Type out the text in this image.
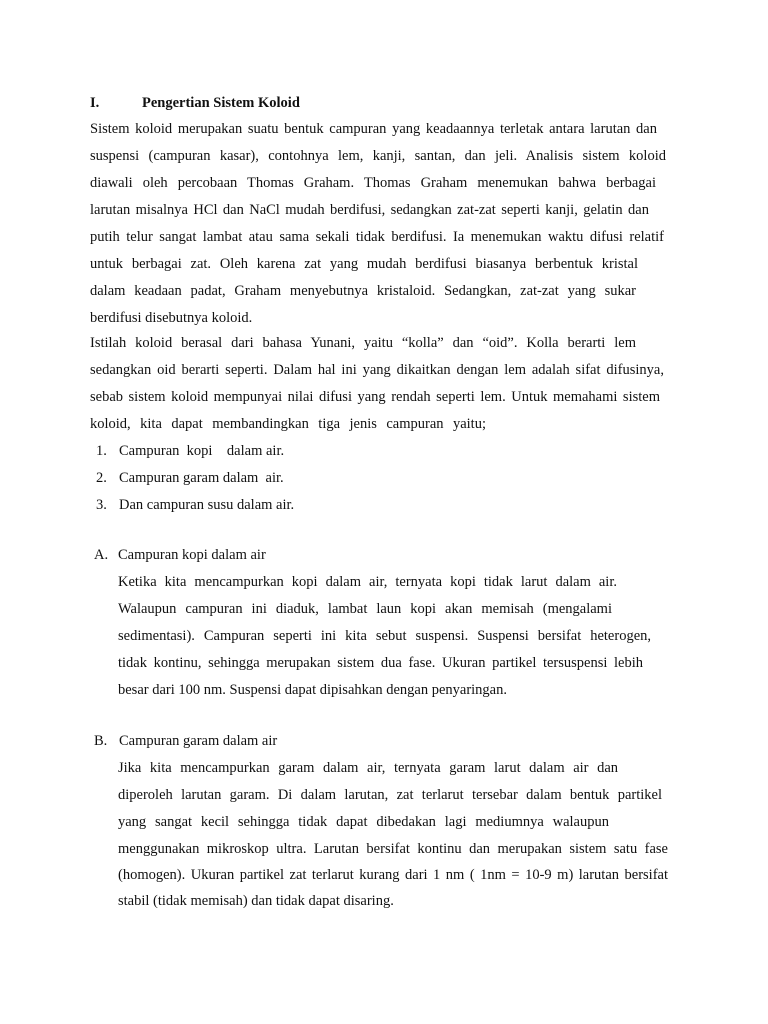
I.	Pengertian Sistem Koloid
Sistem koloid merupakan suatu bentuk campuran yang keadaannya terletak antara larutan dan
suspensi (campuran kasar), contohnya lem, kanji, santan, dan jeli. Analisis sistem koloid
diawali oleh percobaan Thomas Graham. Thomas Graham menemukan bahwa berbagai
larutan misalnya HCl dan NaCl mudah berdifusi, sedangkan zat-zat seperti kanji, gelatin dan
putih telur sangat lambat atau sama sekali tidak berdifusi. Ia menemukan waktu difusi relatif
untuk berbagai zat. Oleh karena zat yang mudah berdifusi biasanya berbentuk kristal
dalam keadaan padat, Graham menyebutnya kristaloid. Sedangkan, zat-zat yang sukar
berdifusi disebutnya koloid.
Istilah koloid berasal dari bahasa Yunani, yaitu “kolla” dan “oid”. Kolla berarti lem
sedangkan oid berarti seperti. Dalam hal ini yang dikaitkan dengan lem adalah sifat difusinya,
sebab sistem koloid mempunyai nilai difusi yang rendah seperti lem. Untuk memahami sistem
koloid, kita dapat membandingkan tiga jenis campuran yaitu;
1. Campuran  kopi    dalam air.
2. Campuran garam dalam  air.
3. Dan campuran susu dalam air.
A. Campuran kopi dalam air
Ketika kita mencampurkan kopi dalam air, ternyata kopi tidak larut dalam air.
Walaupun campuran ini diaduk, lambat laun kopi akan memisah (mengalami
sedimentasi). Campuran seperti ini kita sebut suspensi. Suspensi bersifat heterogen,
tidak kontinu, sehingga merupakan sistem dua fase. Ukuran partikel tersuspensi lebih
besar dari 100 nm. Suspensi dapat dipisahkan dengan penyaringan.
B. Campuran garam dalam air
Jika kita mencampurkan garam dalam air, ternyata garam larut dalam air dan
diperoleh larutan garam. Di dalam larutan, zat terlarut tersebar dalam bentuk partikel
yang sangat kecil sehingga tidak dapat dibedakan lagi mediumnya walaupun
menggunakan mikroskop ultra. Larutan bersifat kontinu dan merupakan sistem satu fase
(homogen). Ukuran partikel zat terlarut kurang dari 1 nm ( 1nm = 10-9 m) larutan bersifat
stabil (tidak memisah) dan tidak dapat disaring.
